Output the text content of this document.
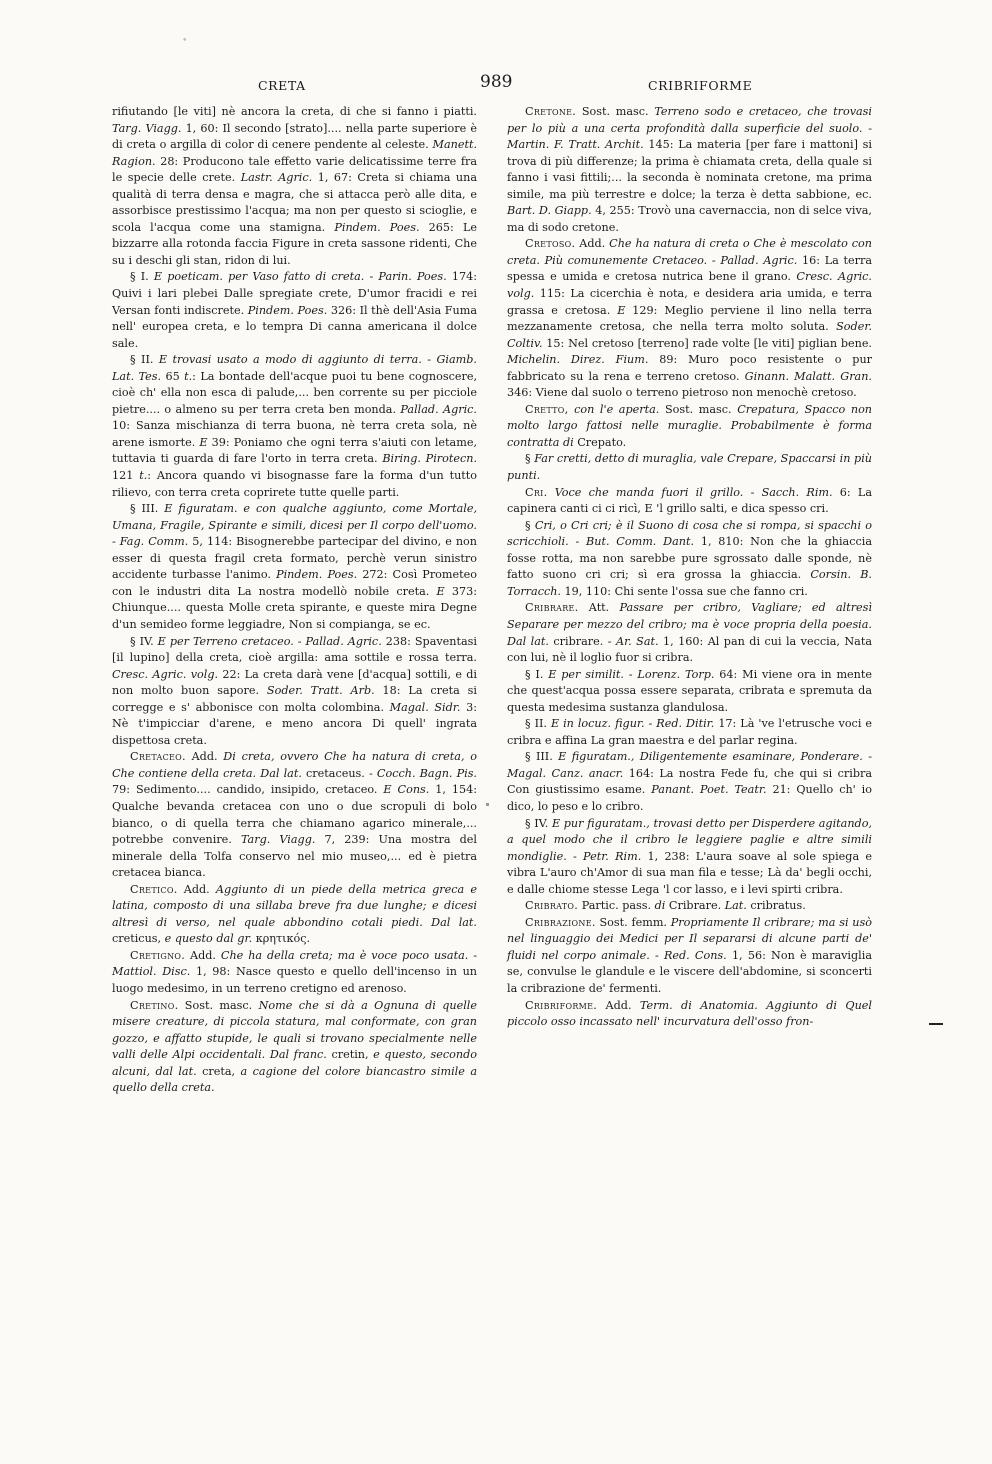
•
CRETA	989	CRIBRIFORME

rifiutando [le viti] nè ancora la creta, di che si fanno i piatti. Targ. Viagg. 1, 60: Il secondo [strato].... nella parte superiore è di creta o argilla di color di cenere pendente al celeste. Manett. Ragion. 28: Producono tale effetto varie delicatissime terre fra le specie delle crete. Lastr. Agric. 1, 67: Creta si chiama una qualità di terra densa e magra, che si attacca però alle dita, e assorbisce prestissimo l'acqua; ma non per questo si scioglie, e scola l'acqua come una stamigna. Pindem. Poes. 265: Le bizzarre alla rotonda faccia Figure in creta sassone ridenti, Che su i deschi gli stan, ridon di lui.

§ I. E poeticam. per Vaso fatto di creta. - Parin. Poes. 174: Quivi i lari plebei Dalle spregiate crete, D'umor fracidi e rei Versan fonti indiscrete. Pindem. Poes. 326: Il thè dell'Asia Fuma nell' europea creta, e lo tempra Di canna americana il dolce sale.

§ II. E trovasi usato a modo di aggiunto di terra. - Giamb. Lat. Tes. 65 t.: La bontade dell'acque puoi tu bene cognoscere, cioè ch' ella non esca di palude,... ben corrente su per picciole pietre.... o almeno su per terra creta ben monda. Pallad. Agric. 10: Sanza mischianza di terra buona, nè terra creta sola, nè arene ismorte. E 39: Poniamo che ogni terra s'aiuti con letame, tuttavia ti guarda di fare l'orto in terra creta. Biring. Pirotecn. 121 t.: Ancora quando vi bisognasse fare la forma d'un tutto rilievo, con terra creta coprirete tutte quelle parti.

§ III. E figuratam. e con qualche aggiunto, come Mortale, Umana, Fragile, Spirante e simili, dicesi per Il corpo dell'uomo. - Fag. Comm. 5, 114: Bisognerebbe partecipar del divino, e non esser di questa fragil creta formato, perchè verun sinistro accidente turbasse l'animo. Pindem. Poes. 272: Così Prometeo con le industri dita La nostra modellò nobile creta. E 373: Chiunque.... questa Molle creta spirante, e queste mira Degne d'un semideo forme leggiadre, Non si compianga, se ec.

§ IV. E per Terreno cretaceo. - Pallad. Agric. 238: Spaventasi [il lupino] della creta, cioè argilla: ama sottile e rossa terra. Cresc. Agric. volg. 22: La creta darà vene [d'acqua] sottili, e di non molto buon sapore. Soder. Tratt. Arb. 18: La creta si corregge e s' abbonisce con molta colombina. Magal. Sidr. 3: Nè t'impicciar d'arene, e meno ancora Di quell' ingrata dispettosa creta.

Cretaceo. Add. Di creta, ovvero Che ha natura di creta, o Che contiene della creta. Dal lat. cretaceus. - Cocch. Bagn. Pis. 79: Sedimento.... candido, insipido, cretaceo. E Cons. 1, 154: Qualche bevanda cretacea con uno o due scropuli di bolo bianco, o di quella terra che chiamano agarico minerale,... potrebbe convenire. Targ. Viagg. 7, 239: Una mostra del minerale della Tolfa conservo nel mio museo,... ed è pietra cretacea bianca.

Cretico. Add. Aggiunto di un piede della metrica greca e latina, composto di una sillaba breve fra due lunghe; e dicesi altresì di verso, nel quale abbondino cotali piedi. Dal lat. creticus, e questo dal gr. κρητικός.

Cretigno. Add. Che ha della creta; ma è voce poco usata. - Mattiol. Disc. 1, 98: Nasce questo e quello dell'incenso in un luogo medesimo, in un terreno cretigno ed arenoso.

Cretino. Sost. masc. Nome che si dà a Ognuna di quelle misere creature, di piccola statura, mal conformate, con gran gozzo, e affatto stupide, le quali si trovano specialmente nelle valli delle Alpi occidentali. Dal franc. cretin, e questo, secondo alcuni, dal lat. creta, a cagione del colore biancastro simile a quello della creta.

Cretone. Sost. masc. Terreno sodo e cretaceo, che trovasi per lo più a una certa profondità dalla superficie del suolo. - Martin. F. Tratt. Archit. 145: La materia [per fare i mattoni] si trova di più differenze; la prima è chiamata creta, della quale si fanno i vasi fittili;... la seconda è nominata cretone, ma prima simile, ma più terrestre e dolce; la terza è detta sabbione, ec. Bart. D. Giapp. 4, 255: Trovò una cavernaccia, non di selce viva, ma di sodo cretone.

Cretoso. Add. Che ha natura di creta o Che è mescolato con creta. Più comunemente Cretaceo. - Pallad. Agric. 16: La terra spessa e umida e cretosa nutrica bene il grano. Cresc. Agric. volg. 115: La cicerchia è nota, e desidera aria umida, e terra grassa e cretosa. E 129: Meglio perviene il lino nella terra mezzanamente cretosa, che nella terra molto soluta. Soder. Coltiv. 15: Nel cretoso [terreno] rade volte [le viti] piglian bene. Michelin. Direz. Fium. 89: Muro poco resistente o pur fabbricato su la rena e terreno cretoso. Ginann. Malatt. Gran. 346: Viene dal suolo o terreno pietroso non menochè cretoso.

Cretto, con l'e aperta. Sost. masc. Crepatura, Spacco non molto largo fattosi nelle muraglie. Probabilmente è forma contratta di Crepato.

§ Far cretti, detto di muraglia, vale Crepare, Spaccarsi in più punti.

Cri. Voce che manda fuori il grillo. - Sacch. Rim. 6: La capinera canti ci ci ricì, E 'l grillo salti, e dica spesso cri.

§ Cri, o Cri cri; è il Suono di cosa che si rompa, si spacchi o scricchioli. - But. Comm. Dant. 1, 810: Non che la ghiaccia fosse rotta, ma non sarebbe pure sgrossato dalle sponde, nè fatto suono cri cri; sì era grossa la ghiaccia. Corsin. B. Torracch. 19, 110: Chi sente l'ossa sue che fanno cri.

Cribrare. Att. Passare per cribro, Vagliare; ed altresì Separare per mezzo del cribro; ma è voce propria della poesia. Dal lat. cribrare. - Ar. Sat. 1, 160: Al pan di cui la veccia, Nata con lui, nè il loglio fuor si cribra.

§ I. E per similit. - Lorenz. Torp. 64: Mi viene ora in mente che quest'acqua possa essere separata, cribrata e spremuta da questa medesima sustanza glandulosa.

§ II. E in locuz. figur. - Red. Ditir. 17: Là 've l'etrusche voci e cribra e affina La gran maestra e del parlar regina.

§ III. E figuratam., Diligentemente esaminare, Ponderare. - Magal. Canz. anacr. 164: La nostra Fede fu, che qui si cribra Con giustissimo esame. Panant. Poet. Teatr. 21: Quello ch' io dico, lo peso e lo cribro.

§ IV. E pur figuratam., trovasi detto per Disperdere agitando, a quel modo che il cribro le leggiere paglie e altre simili mondiglie. - Petr. Rim. 1, 238: L'aura soave al sole spiega e vibra L'auro ch'Amor di sua man fila e tesse; Là da' begli occhi, e dalle chiome stesse Lega 'l cor lasso, e i levi spirti cribra.

Cribrato. Partic. pass. di Cribrare. Lat. cribratus.

Cribrazione. Sost. femm. Propriamente Il cribrare; ma si usò nel linguaggio dei Medici per Il separarsi di alcune parti de' fluidi nel corpo animale. - Red. Cons. 1, 56: Non è maraviglia se, convulse le glandule e le viscere dell'abdomine, si sconcerti la cribrazione de' fermenti.

Cribriforme. Add. Term. di Anatomia. Aggiunto di Quel piccolo osso incassato nell' incurvatura dell'osso fron-
